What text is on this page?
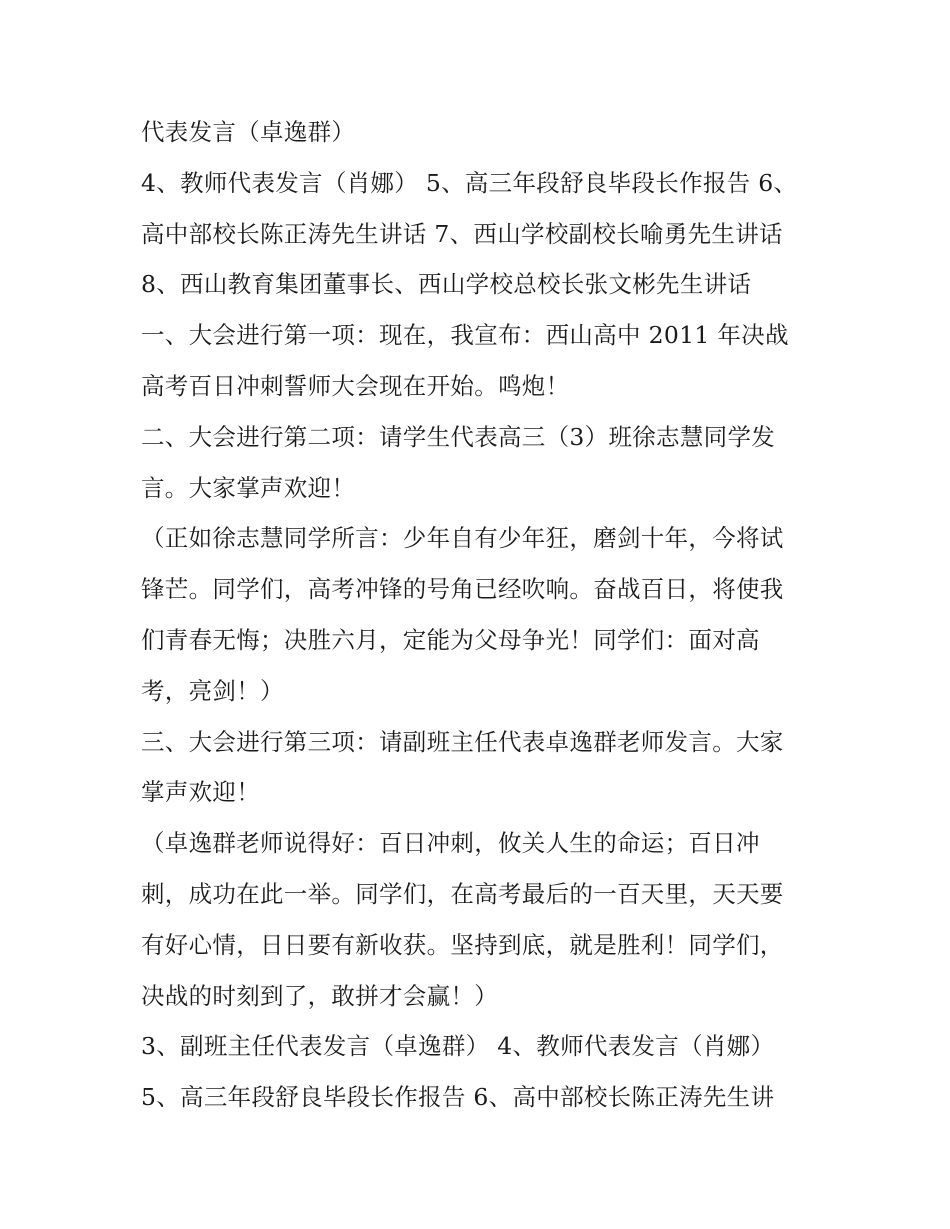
代表发言（卓逸群）
4、教师代表发言（肖娜） 5、高三年段舒良毕段长作报告 6、
高中部校长陈正涛先生讲话 7、西山学校副校长喻勇先生讲话
8、西山教育集团董事长、西山学校总校长张文彬先生讲话
一、大会进行第一项：现在，我宣布：西山高中 2011 年决战
高考百日冲刺誓师大会现在开始。鸣炮！
二、大会进行第二项：请学生代表高三（3）班徐志慧同学发
言。大家掌声欢迎！
（正如徐志慧同学所言：少年自有少年狂，磨剑十年，今将试
锋芒。同学们，高考冲锋的号角已经吹响。奋战百日，将使我
们青春无悔；决胜六月，定能为父母争光！同学们：面对高
考，亮剑！）
三、大会进行第三项：请副班主任代表卓逸群老师发言。大家
掌声欢迎！
（卓逸群老师说得好：百日冲刺，攸关人生的命运；百日冲
刺，成功在此一举。同学们，在高考最后的一百天里，天天要
有好心情，日日要有新收获。坚持到底，就是胜利！同学们，
决战的时刻到了，敢拼才会赢！）
3、副班主任代表发言（卓逸群） 4、教师代表发言（肖娜）
5、高三年段舒良毕段长作报告 6、高中部校长陈正涛先生讲
